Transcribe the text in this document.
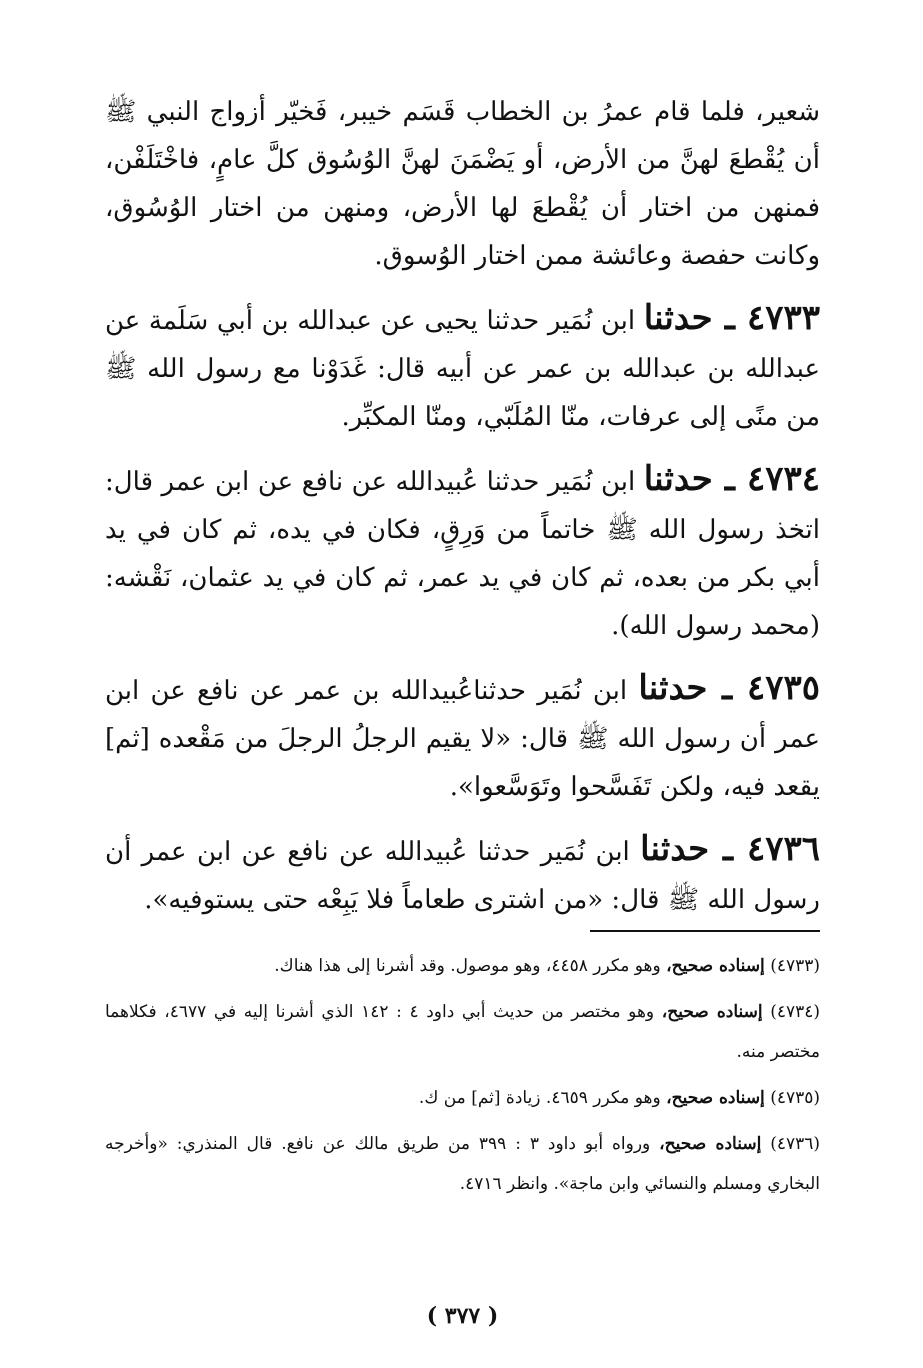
شعير، فلما قام عمرُ بن الخطاب قَسَم خيبر، فَخيّر أزواج النبي ﷺ أن يُقْطعَ لهنَّ من الأرض، أو يَضْمَنَ لهنَّ الوُسُوق كلَّ عامٍ، فاخْتَلَفْن، فمنهن من اختار أن يُقْطعَ لها الأرض، ومنهن من اختار الوُسُوق، وكانت حفصة وعائشة ممن اختار الوُسوق.

٤٧٣٣ ـ حدثنا ابن نُمَير حدثنا يحيى عن عبدالله بن أبي سَلَمة عن عبدالله بن عبدالله بن عمر عن أبيه قال: غَدَوْنا مع رسول الله ﷺ من منًى إلى عرفات، منّا المُلَبّي، ومنّا المكبِّر.

٤٧٣٤ ـ حدثنا ابن نُمَير حدثنا عُبيدالله عن نافع عن ابن عمر قال: اتخذ رسول الله ﷺ خاتماً من وَرِقٍ، فكان في يده، ثم كان في يد أبي بكر من بعده، ثم كان في يد عمر، ثم كان في يد عثمان، نَقْشه: (محمد رسول الله).

٤٧٣٥ ـ حدثنا ابن نُمَير حدثناعُبيدالله بن عمر عن نافع عن ابن عمر أن رسول الله ﷺ قال: «لا يقيم الرجلُ الرجلَ من مَقْعده [ثم] يقعد فيه، ولكن تَفَسَّحوا وتَوَسَّعوا».

٤٧٣٦ ـ حدثنا ابن نُمَير حدثنا عُبيدالله عن نافع عن ابن عمر أن رسول الله ﷺ قال: «من اشترى طعاماً فلا يَبِعْه حتى يستوفيه».

(٤٧٣٣) إسناده صحيح، وهو مكرر ٤٤٥٨، وهو موصول. وقد أشرنا إلى هذا هناك.

(٤٧٣٤) إسناده صحيح، وهو مختصر من حديث أبي داود ٤ : ١٤٢ الذي أشرنا إليه في ٤٦٧٧، فكلاهما مختصر منه.

(٤٧٣٥) إسناده صحيح، وهو مكرر ٤٦٥٩. زيادة [ثم] من ك.

(٤٧٣٦) إسناده صحيح، ورواه أبو داود ٣ : ٣٩٩ من طريق مالك عن نافع. قال المنذري: «وأخرجه البخاري ومسلم والنسائي وابن ماجة». وانظر ٤٧١٦.

( ٣٧٧ )
